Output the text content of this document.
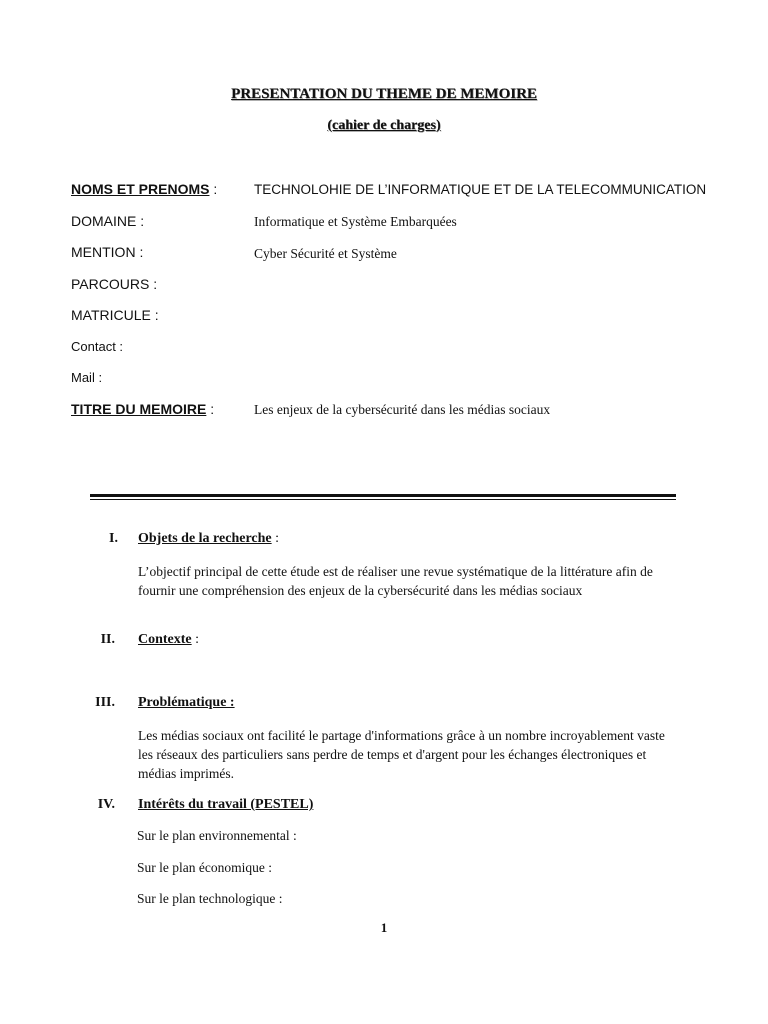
PRESENTATION DU THEME DE MEMOIRE
(cahier de charges)
NOMS ET PRENOMS :	TECHNOLOHIE DE L’INFORMATIQUE ET DE LA TELECOMMUNICATION
DOMAINE :	Informatique et Système Embarquées
MENTION :	Cyber Sécurité et Système
PARCOURS :
MATRICULE :
Contact :
Mail :
TITRE DU MEMOIRE :	Les enjeux de la cybersécurité dans les médias sociaux
I. Objets de la recherche :
L’objectif principal de cette étude est de réaliser une revue systématique de la littérature afin de fournir une compréhension des enjeux de la cybersécurité dans les médias sociaux
II. Contexte :
III. Problématique :
Les médias sociaux ont facilité le partage d'informations grâce à un nombre incroyablement vaste les réseaux des particuliers sans perdre de temps et d'argent pour les échanges électroniques et médias imprimés.
IV. Intérêts du travail (PESTEL)
Sur le plan environnemental :
Sur le plan économique :
Sur le plan technologique :
1
